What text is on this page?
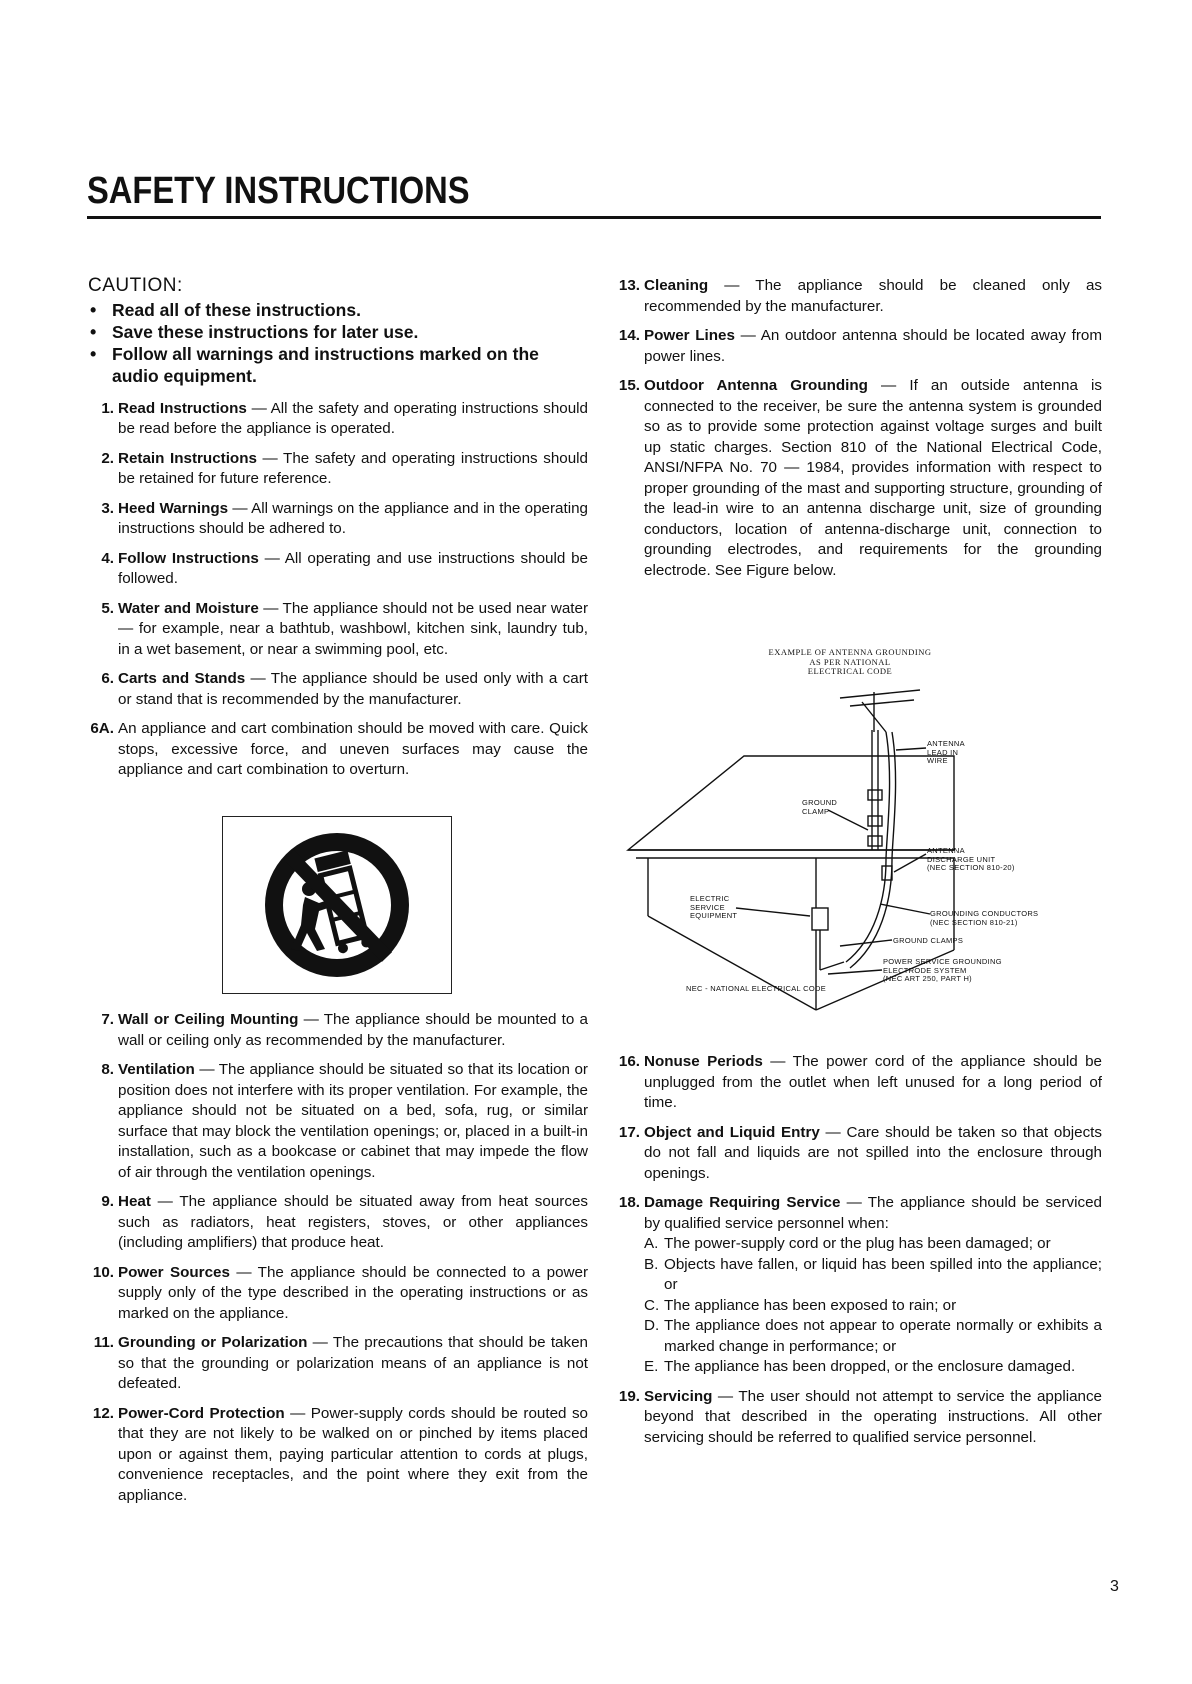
SAFETY INSTRUCTIONS
CAUTION:
• Read all of these instructions.
• Save these instructions for later use.
• Follow all warnings and instructions marked on the audio equipment.
1. Read Instructions — All the safety and operating instructions should be read before the appliance is operated.
2. Retain Instructions — The safety and operating instructions should be retained for future reference.
3. Heed Warnings — All warnings on the appliance and in the operating instructions should be adhered to.
4. Follow Instructions — All operating and use instructions should be followed.
5. Water and Moisture — The appliance should not be used near water — for example, near a bathtub, washbowl, kitchen sink, laundry tub, in a wet basement, or near a swimming pool, etc.
6. Carts and Stands — The appliance should be used only with a cart or stand that is recommended by the manufacturer.
6A. An appliance and cart combination should be moved with care. Quick stops, excessive force, and uneven surfaces may cause the appliance and cart combination to overturn.
7. Wall or Ceiling Mounting — The appliance should be mounted to a wall or ceiling only as recommended by the manufacturer.
8. Ventilation — The appliance should be situated so that its location or position does not interfere with its proper ventilation. For example, the appliance should not be situated on a bed, sofa, rug, or similar surface that may block the ventilation openings; or, placed in a built-in installation, such as a bookcase or cabinet that may impede the flow of air through the ventilation openings.
9. Heat — The appliance should be situated away from heat sources such as radiators, heat registers, stoves, or other appliances (including amplifiers) that produce heat.
10. Power Sources — The appliance should be connected to a power supply only of the type described in the operating instructions or as marked on the appliance.
11. Grounding or Polarization — The precautions that should be taken so that the grounding or polarization means of an appliance is not defeated.
12. Power-Cord Protection — Power-supply cords should be routed so that they are not likely to be walked on or pinched by items placed upon or against them, paying particular attention to cords at plugs, convenience receptacles, and the point where they exit from the appliance.
13. Cleaning — The appliance should be cleaned only as recommended by the manufacturer.
14. Power Lines — An outdoor antenna should be located away from power lines.
15. Outdoor Antenna Grounding — If an outside antenna is connected to the receiver, be sure the antenna system is grounded so as to provide some protection against voltage surges and built up static charges. Section 810 of the National Electrical Code, ANSI/NFPA No. 70 — 1984, provides information with respect to proper grounding of the mast and supporting structure, grounding of the lead-in wire to an antenna discharge unit, size of grounding conductors, location of antenna-discharge unit, connection to grounding electrodes, and requirements for the grounding electrode. See Figure below.
EXAMPLE OF ANTENNA GROUNDING
AS PER NATIONAL
ELECTRICAL CODE
ANTENNA
LEAD IN
WIRE
GROUND
CLAMP
ANTENNA
DISCHARGE UNIT
(NEC SECTION 810-20)
ELECTRIC
SERVICE
EQUIPMENT	GROUNDING CONDUCTORS
(NEC SECTION 810-21)
GROUND CLAMPS
POWER SERVICE GROUNDING
ELECTRODE SYSTEM
(NEC ART 250, PART H)
NEC - NATIONAL ELECTRICAL CODE
16. Nonuse Periods — The power cord of the appliance should be unplugged from the outlet when left unused for a long period of time.
17. Object and Liquid Entry — Care should be taken so that objects do not fall and liquids are not spilled into the enclosure through openings.
18. Damage Requiring Service — The appliance should be serviced by qualified service personnel when:
A. The power-supply cord or the plug has been damaged; or
B. Objects have fallen, or liquid has been spilled into the appliance; or
C. The appliance has been exposed to rain; or
D. The appliance does not appear to operate normally or exhibits a marked change in performance; or
E. The appliance has been dropped, or the enclosure damaged.
19. Servicing — The user should not attempt to service the appliance beyond that described in the operating instructions. All other servicing should be referred to qualified service personnel.
3
